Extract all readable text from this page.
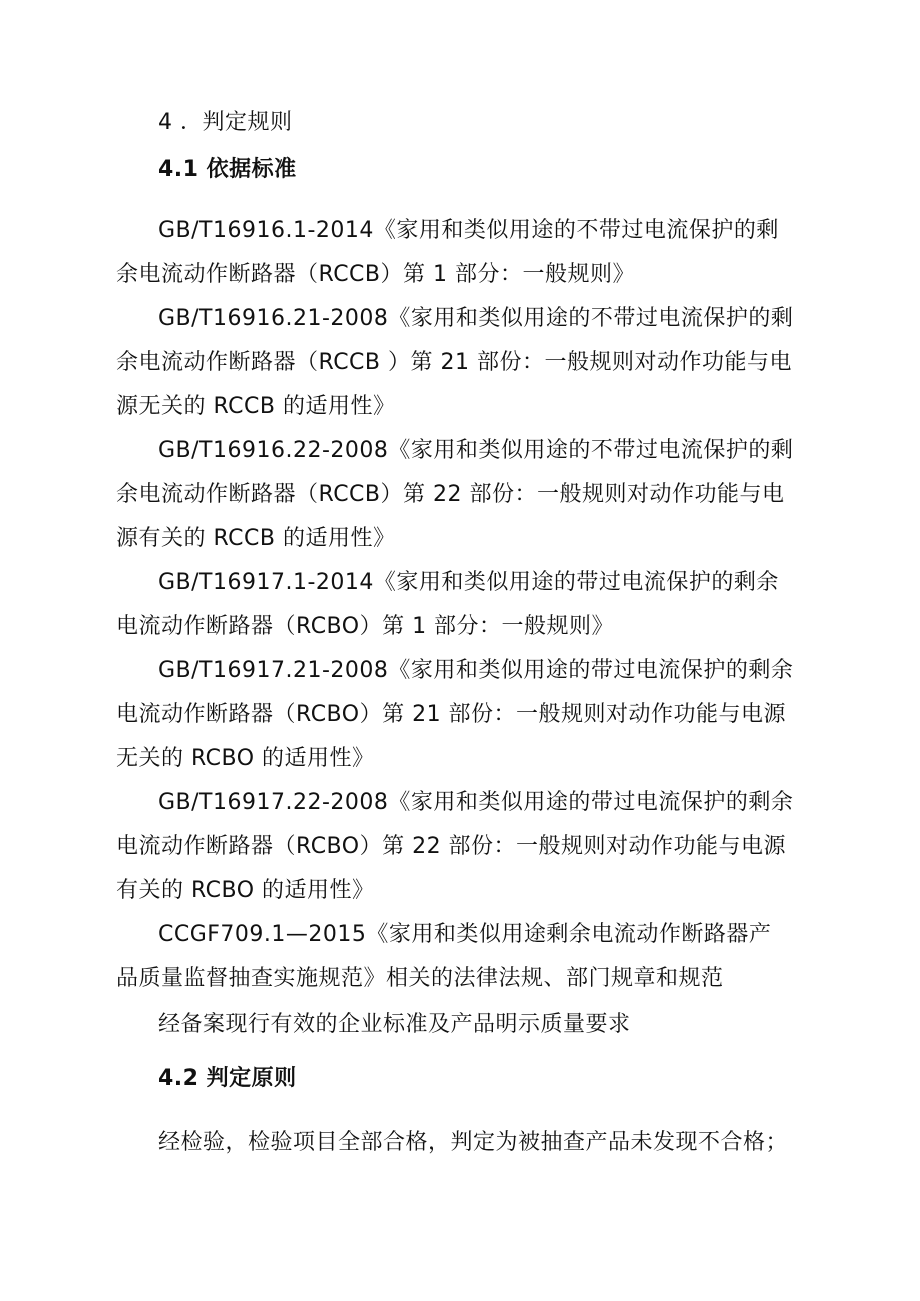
4 ．判定规则
4.1 依据标准
GB/T16916.1-2014《家用和类似用途的不带过电流保护的剩
余电流动作断路器（RCCB）第 1 部分：一般规则》
GB/T16916.21-2008《家用和类似用途的不带过电流保护的剩
余电流动作断路器（RCCB ）第 21 部份：一般规则对动作功能与电
源无关的 RCCB 的适用性》
GB/T16916.22-2008《家用和类似用途的不带过电流保护的剩
余电流动作断路器（RCCB）第 22 部份：一般规则对动作功能与电
源有关的 RCCB 的适用性》
GB/T16917.1-2014《家用和类似用途的带过电流保护的剩余
电流动作断路器（RCBO）第 1 部分：一般规则》
GB/T16917.21-2008《家用和类似用途的带过电流保护的剩余
电流动作断路器（RCBO）第 21 部份：一般规则对动作功能与电源
无关的 RCBO 的适用性》
GB/T16917.22-2008《家用和类似用途的带过电流保护的剩余
电流动作断路器（RCBO）第 22 部份：一般规则对动作功能与电源
有关的 RCBO 的适用性》
CCGF709.1—2015《家用和类似用途剩余电流动作断路器产
品质量监督抽查实施规范》相关的法律法规、部门规章和规范
经备案现行有效的企业标准及产品明示质量要求
4.2 判定原则
经检验，检验项目全部合格，判定为被抽查产品未发现不合格；
